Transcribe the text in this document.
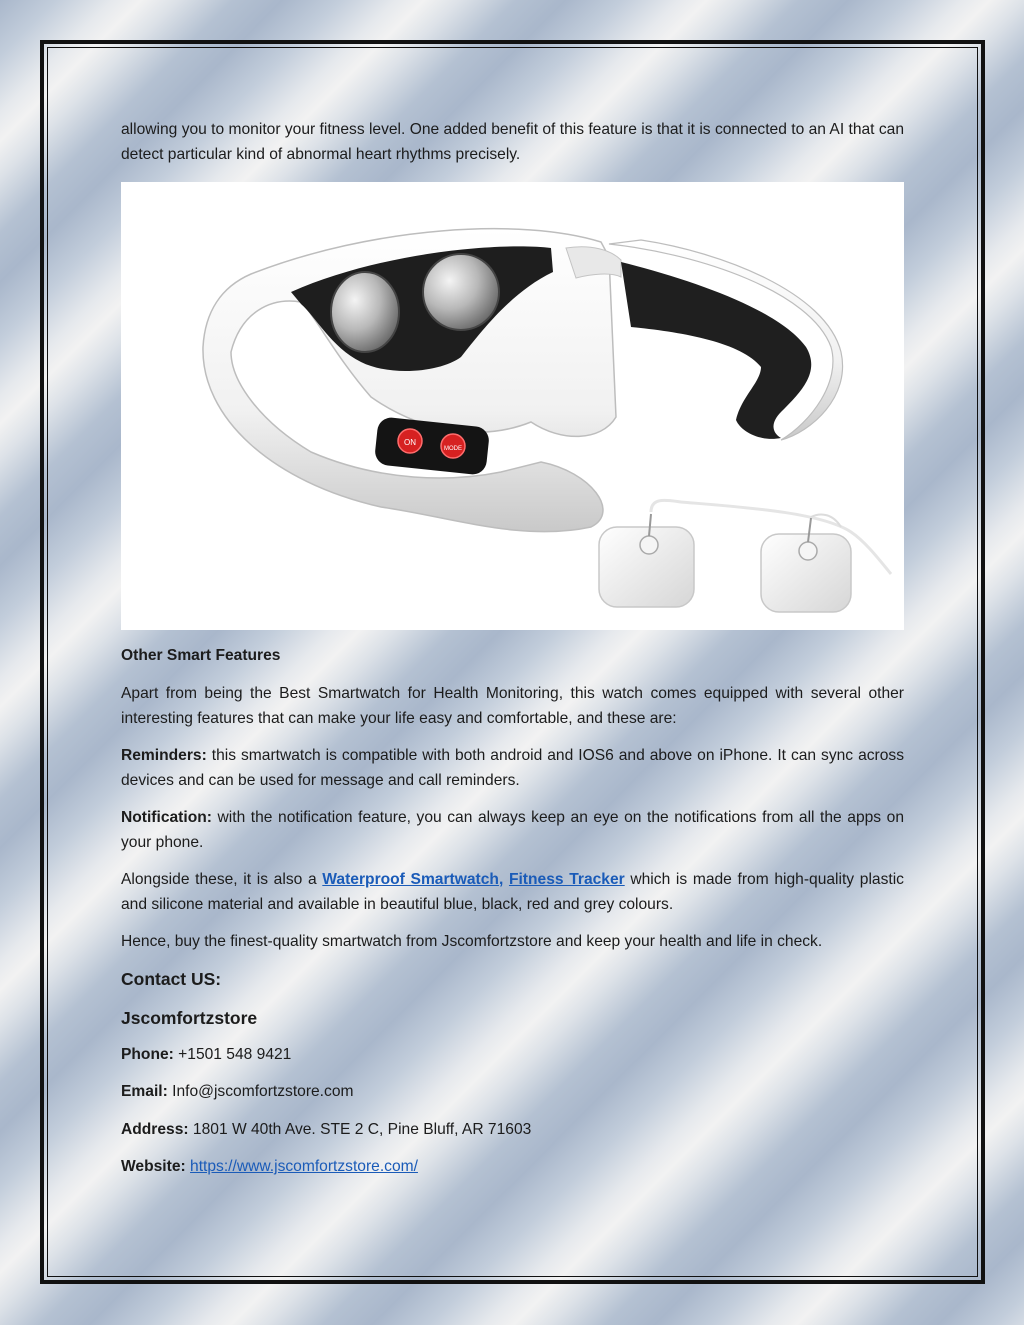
allowing you to monitor your fitness level. One added benefit of this feature is that it is connected to an AI that can detect particular kind of abnormal heart rhythms precisely.

ON
MODE
Other Smart Features

Apart from being the Best Smartwatch for Health Monitoring, this watch comes equipped with several other interesting features that can make your life easy and comfortable, and these are:

Reminders: this smartwatch is compatible with both android and IOS6 and above on iPhone. It can sync across devices and can be used for message and call reminders.

Notification: with the notification feature, you can always keep an eye on the notifications from all the apps on your phone.

Alongside these, it is also a Waterproof Smartwatch, Fitness Tracker which is made from high-quality plastic and silicone material and available in beautiful blue, black, red and grey colours.

Hence, buy the finest-quality smartwatch from Jscomfortzstore and keep your health and life in check.

Contact US:
Jscomfortzstore

Phone: +1501 548 9421

Email: Info@jscomfortzstore.com

Address: 1801 W 40th Ave. STE 2 C, Pine Bluff, AR 71603

Website: https://www.jscomfortzstore.com/
